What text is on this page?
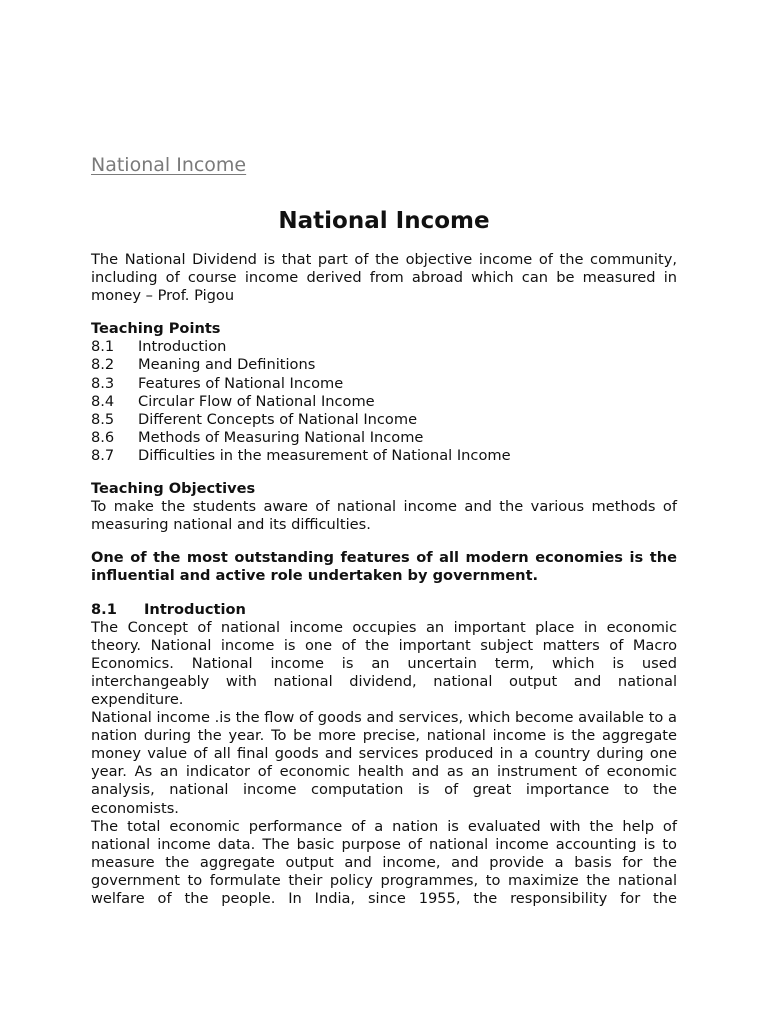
National Income
National Income

The National Dividend is that part of the objective income of the community, including of course income derived from abroad which can be measured in money – Prof. Pigou

Teaching Points
8.1	Introduction
8.2	Meaning and Definitions
8.3	Features of National Income
8.4	Circular Flow of National Income
8.5	Different Concepts of National Income
8.6	Methods of Measuring National Income
8.7	Difficulties in the measurement of National Income
Teaching Objectives

To make the students aware of national income and the various methods of measuring national and its difficulties.

One of the most outstanding features of all modern economies is the influential and active role undertaken by government.

8.1	Introduction

The Concept of national income occupies an important place in economic theory. National income is one of the important subject matters of Macro Economics. National income is an uncertain term, which is used interchangeably with national dividend, national output and national expenditure.

National income .is the flow of goods and services, which become available to a nation during the year. To be more precise, national income is the aggregate money value of all final goods and services produced in a country during one year. As an indicator of economic health and as an instrument of economic analysis, national income computation is of great importance to the economists.

The total economic performance of a nation is evaluated with the help of national income data. The basic purpose of national income accounting is to measure the aggregate output and income, and provide a basis for the government to formulate their policy programmes, to maximize the national welfare of the people. In India, since 1955, the responsibility for the
